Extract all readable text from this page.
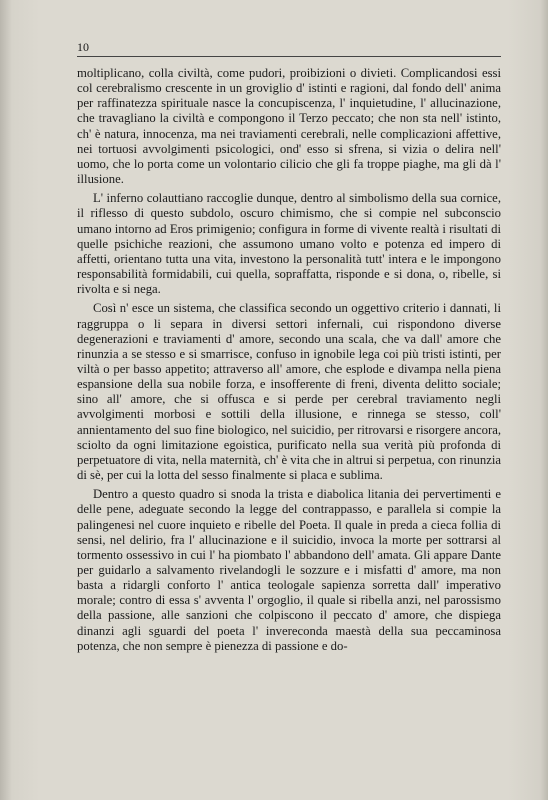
10

moltiplicano, colla civiltà, come pudori, proibizioni o divieti. Complicandosi essi col cerebralismo crescente in un groviglio d' istinti e ragioni, dal fondo dell' anima per raffinatezza spirituale nasce la concupiscenza, l' inquietudine, l' allucinazione, che travagliano la civiltà e compongono il Terzo peccato; che non sta nell' istinto, ch' è natura, innocenza, ma nei traviamenti cerebrali, nelle complicazioni affettive, nei tortuosi avvolgimenti psicologici, ond' esso si sfrena, si vizia o delira nell' uomo, che lo porta come un volontario cilicio che gli fa troppe piaghe, ma gli dà l' illusione.

L' inferno colauttiano raccoglie dunque, dentro al simbolismo della sua cornice, il riflesso di questo subdolo, oscuro chimismo, che si compie nel subconscio umano intorno ad Eros primigenio; configura in forme di vivente realtà i risultati di quelle psichiche reazioni, che assumono umano volto e potenza ed impero di affetti, orientano tutta una vita, investono la personalità tutt' intera e le impongono responsabilità formidabili, cui quella, sopraffatta, risponde e si dona, o, ribelle, si rivolta e si nega.

Così n' esce un sistema, che classifica secondo un oggettivo criterio i dannati, li raggruppa o li separa in diversi settori infernali, cui rispondono diverse degenerazioni e traviamenti d' amore, secondo una scala, che va dall' amore che rinunzia a se stesso e si smarrisce, confuso in ignobile lega coi più tristi istinti, per viltà o per basso appetito; attraverso all' amore, che esplode e divampa nella piena espansione della sua nobile forza, e insofferente di freni, diventa delitto sociale; sino all' amore, che si offusca e si perde per cerebral traviamento negli avvolgimenti morbosi e sottili della illusione, e rinnega se stesso, coll' annientamento del suo fine biologico, nel suicidio, per ritrovarsi e risorgere ancora, sciolto da ogni limitazione egoistica, purificato nella sua verità più profonda di perpetuatore di vita, nella maternità, ch' è vita che in altrui si perpetua, con rinunzia di sè, per cui la lotta del sesso finalmente si placa e sublima.

Dentro a questo quadro si snoda la trista e diabolica litania dei pervertimenti e delle pene, adeguate secondo la legge del contrappasso, e parallela si compie la palingenesi nel cuore inquieto e ribelle del Poeta. Il quale in preda a cieca follia di sensi, nel delirio, fra l' allucinazione e il suicidio, invoca la morte per sottrarsi al tormento ossessivo in cui l' ha piombato l' abbandono dell' amata. Gli appare Dante per guidarlo a salvamento rivelandogli le sozzure e i misfatti d' amore, ma non basta a ridargli conforto l' antica teologale sapienza sorretta dall' imperativo morale; contro di essa s' avventa l' orgoglio, il quale si ribella anzi, nel parossismo della passione, alle sanzioni che colpiscono il peccato d' amore, che dispiega dinanzi agli sguardi del poeta l' invereconda maestà della sua peccaminosa potenza, che non sempre è pienezza di passione e do-
